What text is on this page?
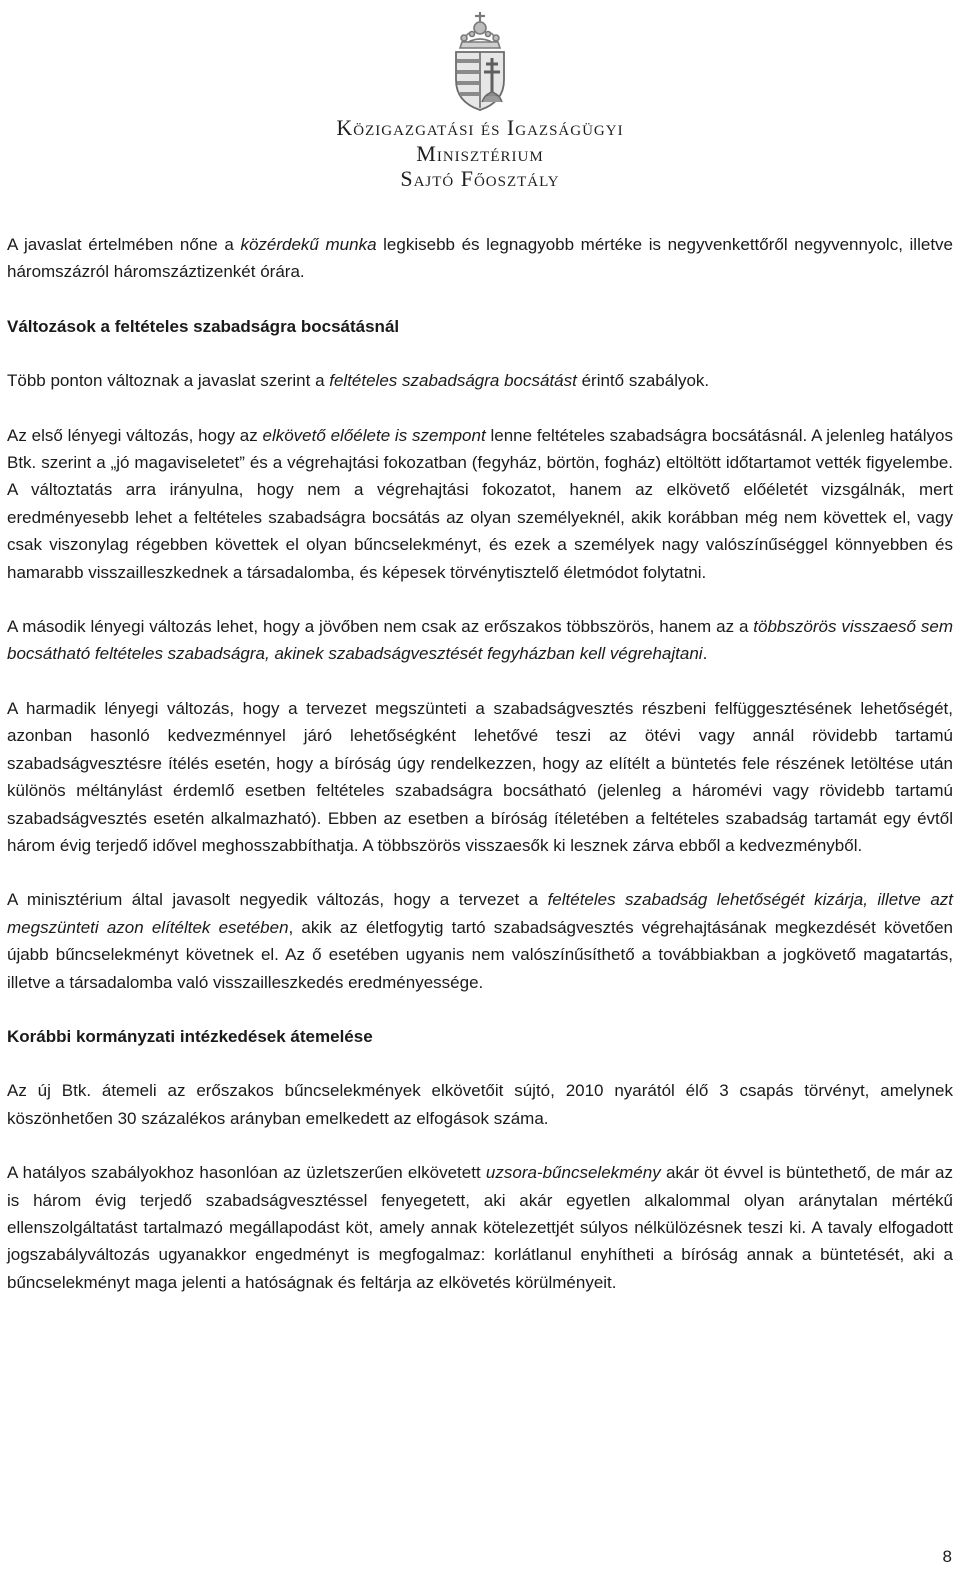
Közigazgatási és Igazságügyi
Minisztérium
Sajtó Főosztály

A javaslat értelmében nőne a közérdekű munka legkisebb és legnagyobb mértéke is negyvenkettőről negyvennyolc, illetve háromszázról háromszáztizenkét órára.

Változások a feltételes szabadságra bocsátásnál

Több ponton változnak a javaslat szerint a feltételes szabadságra bocsátást érintő szabályok.

Az első lényegi változás, hogy az elkövető előélete is szempont lenne feltételes szabadságra bocsátásnál. A jelenleg hatályos Btk. szerint a „jó magaviseletet” és a végrehajtási fokozatban (fegyház, börtön, fogház) eltöltött időtartamot vették figyelembe. A változtatás arra irányulna, hogy nem a végrehajtási fokozatot, hanem az elkövető előéletét vizsgálnák, mert eredményesebb lehet a feltételes szabadságra bocsátás az olyan személyeknél, akik korábban még nem követtek el, vagy csak viszonylag régebben követtek el olyan bűncselekményt, és ezek a személyek nagy valószínűséggel könnyebben és hamarabb visszailleszkednek a társadalomba, és képesek törvénytisztelő életmódot folytatni.

A második lényegi változás lehet, hogy a jövőben nem csak az erőszakos többszörös, hanem az a többszörös visszaeső sem bocsátható feltételes szabadságra, akinek szabadságvesztését fegyházban kell végrehajtani.

A harmadik lényegi változás, hogy a tervezet megszünteti a szabadságvesztés részbeni felfüggesztésének lehetőségét, azonban hasonló kedvezménnyel járó lehetőségként lehetővé teszi az ötévi vagy annál rövidebb tartamú szabadságvesztésre ítélés esetén, hogy a bíróság úgy rendelkezzen, hogy az elítélt a büntetés fele részének letöltése után különös méltánylást érdemlő esetben feltételes szabadságra bocsátható (jelenleg a háromévi vagy rövidebb tartamú szabadságvesztés esetén alkalmazható). Ebben az esetben a bíróság ítéletében a feltételes szabadság tartamát egy évtől három évig terjedő idővel meghosszabbíthatja. A többszörös visszaesők ki lesznek zárva ebből a kedvezményből.

A minisztérium által javasolt negyedik változás, hogy a tervezet a feltételes szabadság lehetőségét kizárja, illetve azt megszünteti azon elítéltek esetében, akik az életfogytig tartó szabadságvesztés végrehajtásának megkezdését követően újabb bűncselekményt követnek el. Az ő esetében ugyanis nem valószínűsíthető a továbbiakban a jogkövető magatartás, illetve a társadalomba való visszailleszkedés eredményessége.

Korábbi kormányzati intézkedések átemelése

Az új Btk. átemeli az erőszakos bűncselekmények elkövetőit sújtó, 2010 nyarától élő 3 csapás törvényt, amelynek köszönhetően 30 százalékos arányban emelkedett az elfogások száma.

A hatályos szabályokhoz hasonlóan az üzletszerűen elkövetett uzsora-bűncselekmény akár öt évvel is büntethető, de már az is három évig terjedő szabadságvesztéssel fenyegetett, aki akár egyetlen alkalommal olyan aránytalan mértékű ellenszolgáltatást tartalmazó megállapodást köt, amely annak kötelezettjét súlyos nélkülözésnek teszi ki. A tavaly elfogadott jogszabályváltozás ugyanakkor engedményt is megfogalmaz: korlátlanul enyhítheti a bíróság annak a büntetését, aki a bűncselekményt maga jelenti a hatóságnak és feltárja az elkövetés körülményeit.

8
